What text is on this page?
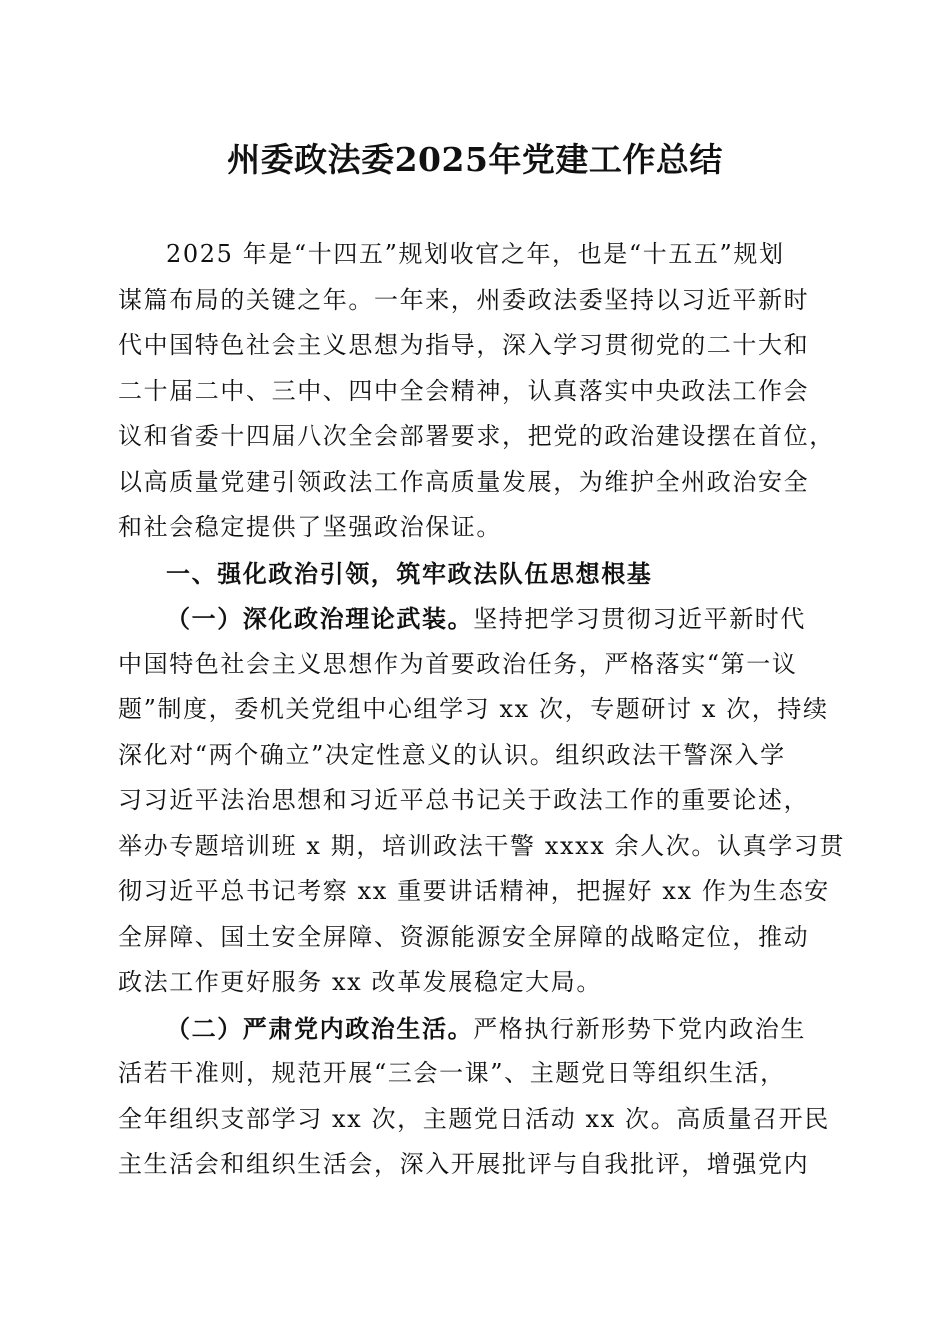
州委政法委2025年党建工作总结
2025 年是“十四五”规划收官之年，也是“十五五”规划
谋篇布局的关键之年。一年来，州委政法委坚持以习近平新时
代中国特色社会主义思想为指导，深入学习贯彻党的二十大和
二十届二中、三中、四中全会精神，认真落实中央政法工作会
议和省委十四届八次全会部署要求，把党的政治建设摆在首位，
以高质量党建引领政法工作高质量发展，为维护全州政治安全
和社会稳定提供了坚强政治保证。
一、强化政治引领，筑牢政法队伍思想根基
（一）深化政治理论武装。坚持把学习贯彻习近平新时代
中国特色社会主义思想作为首要政治任务，严格落实“第一议
题”制度，委机关党组中心组学习 xx 次，专题研讨 x 次，持续
深化对“两个确立”决定性意义的认识。组织政法干警深入学
习习近平法治思想和习近平总书记关于政法工作的重要论述，
举办专题培训班 x 期，培训政法干警 xxxx 余人次。认真学习贯
彻习近平总书记考察 xx 重要讲话精神，把握好 xx 作为生态安
全屏障、国土安全屏障、资源能源安全屏障的战略定位，推动
政法工作更好服务 xx 改革发展稳定大局。
（二）严肃党内政治生活。严格执行新形势下党内政治生
活若干准则，规范开展“三会一课”、主题党日等组织生活，
全年组织支部学习 xx 次，主题党日活动 xx 次。高质量召开民
主生活会和组织生活会，深入开展批评与自我批评，增强党内
